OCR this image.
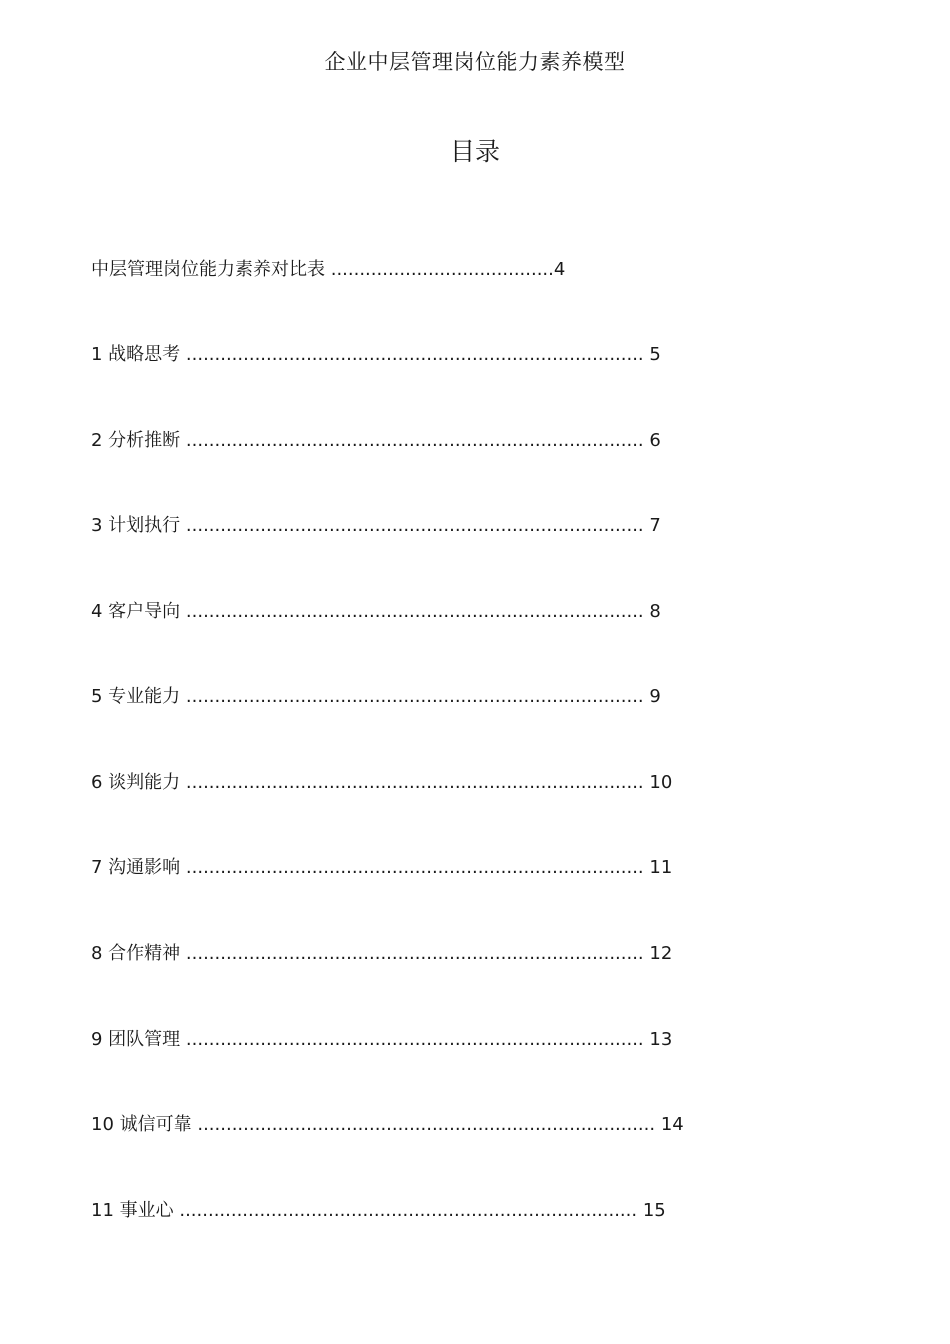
企业中层管理岗位能力素养模型
目录
中层管理岗位能力素养对比表 .......................................4
1 战略思考 ................................................................................ 5
2 分析推断 ................................................................................ 6
3 计划执行 ................................................................................ 7
4 客户导向 ................................................................................ 8
5 专业能力 ................................................................................ 9
6 谈判能力 ................................................................................ 10
7 沟通影响 ................................................................................ 11
8 合作精神 ................................................................................ 12
9 团队管理 ................................................................................ 13
10 诚信可靠 ................................................................................ 14
11 事业心 ................................................................................ 15
